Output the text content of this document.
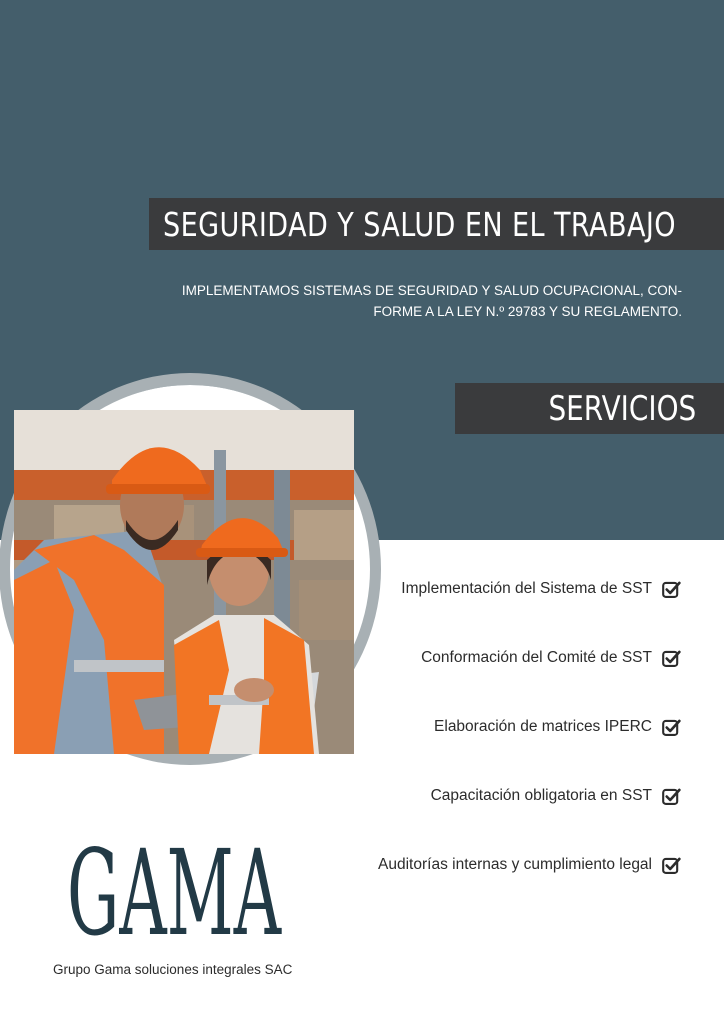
SEGURIDAD Y SALUD EN EL TRABAJO
IMPLEMENTAMOS SISTEMAS DE SEGURIDAD Y SALUD OCUPACIONAL, CON-
FORME A LA LEY N.º 29783 Y SU REGLAMENTO.
SERVICIOS
Implementación del Sistema de SST
Conformación del Comité de SST
Elaboración de matrices IPERC
Capacitación obligatoria en SST
Auditorías internas y cumplimiento legal
GAMA
Grupo Gama soluciones integrales SAC
